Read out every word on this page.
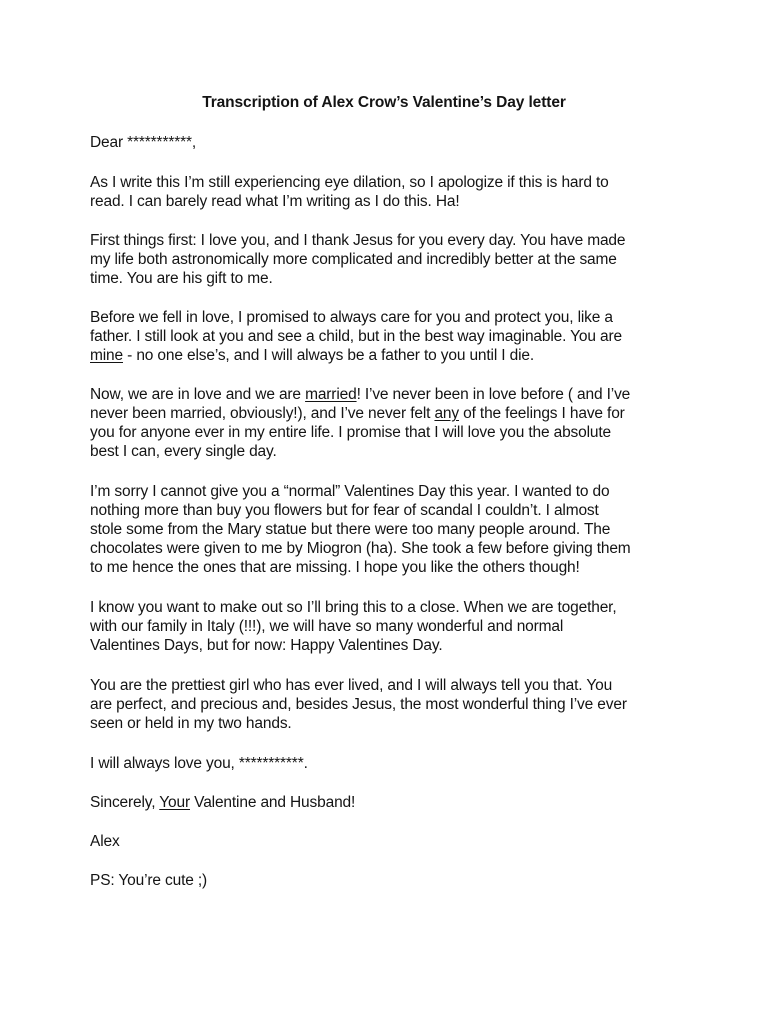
Transcription of Alex Crow’s Valentine’s Day letter
Dear ***********,
As I write this I’m still experiencing eye dilation, so I apologize if this is hard to
read. I can barely read what I’m writing as I do this. Ha!
First things first: I love you, and I thank Jesus for you every day. You have made
my life both astronomically more complicated and incredibly better at the same
time. You are his gift to me.
Before we fell in love, I promised to always care for you and protect you, like a
father. I still look at you and see a child, but in the best way imaginable. You are
mine - no one else’s, and I will always be a father to you until I die.
Now, we are in love and we are married! I’ve never been in love before ( and I’ve
never been married, obviously!), and I’ve never felt any of the feelings I have for
you for anyone ever in my entire life. I promise that I will love you the absolute
best I can, every single day.
I’m sorry I cannot give you a “normal” Valentines Day this year. I wanted to do
nothing more than buy you flowers but for fear of scandal I couldn’t. I almost
stole some from the Mary statue but there were too many people around. The
chocolates were given to me by Miogron (ha). She took a few before giving them
to me hence the ones that are missing. I hope you like the others though!
I know you want to make out so I’ll bring this to a close. When we are together,
with our family in Italy (!!!), we will have so many wonderful and normal
Valentines Days, but for now: Happy Valentines Day.
You are the prettiest girl who has ever lived, and I will always tell you that. You
are perfect, and precious and, besides Jesus, the most wonderful thing I’ve ever
seen or held in my two hands.
I will always love you, ***********.
Sincerely, Your Valentine and Husband!
Alex
PS: You’re cute ;)
